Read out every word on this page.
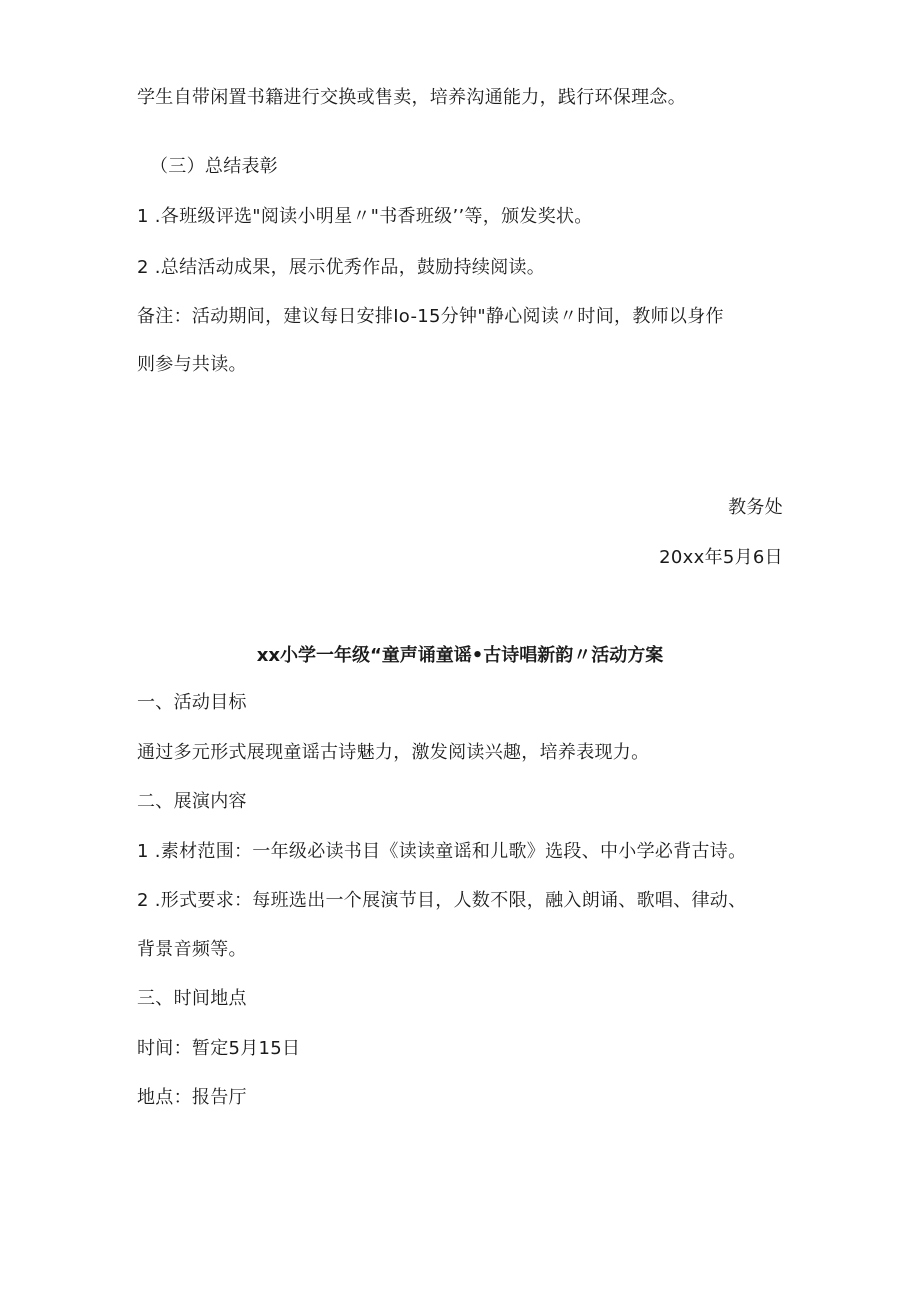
学生自带闲置书籍进行交换或售卖，培养沟通能力，践行环保理念。
（三）总结表彰
1 .各班级评选"阅读小明星〃"书香班级’’等，颁发奖状。
2 .总结活动成果，展示优秀作品，鼓励持续阅读。
备注：活动期间，建议每日安排Io-15分钟"静心阅读〃时间，教师以身作
则参与共读。
教务处
20xx年5月6日
xx小学一年级“童声诵童谣•古诗唱新韵〃活动方案
一、活动目标
通过多元形式展现童谣古诗魅力，激发阅读兴趣，培养表现力。
二、展演内容
1 .素材范围：一年级必读书目《读读童谣和儿歌》选段、中小学必背古诗。
2 .形式要求：每班选出一个展演节目，人数不限，融入朗诵、歌唱、律动、
背景音频等。
三、时间地点
时间：暂定5月15日
地点：报告厅
